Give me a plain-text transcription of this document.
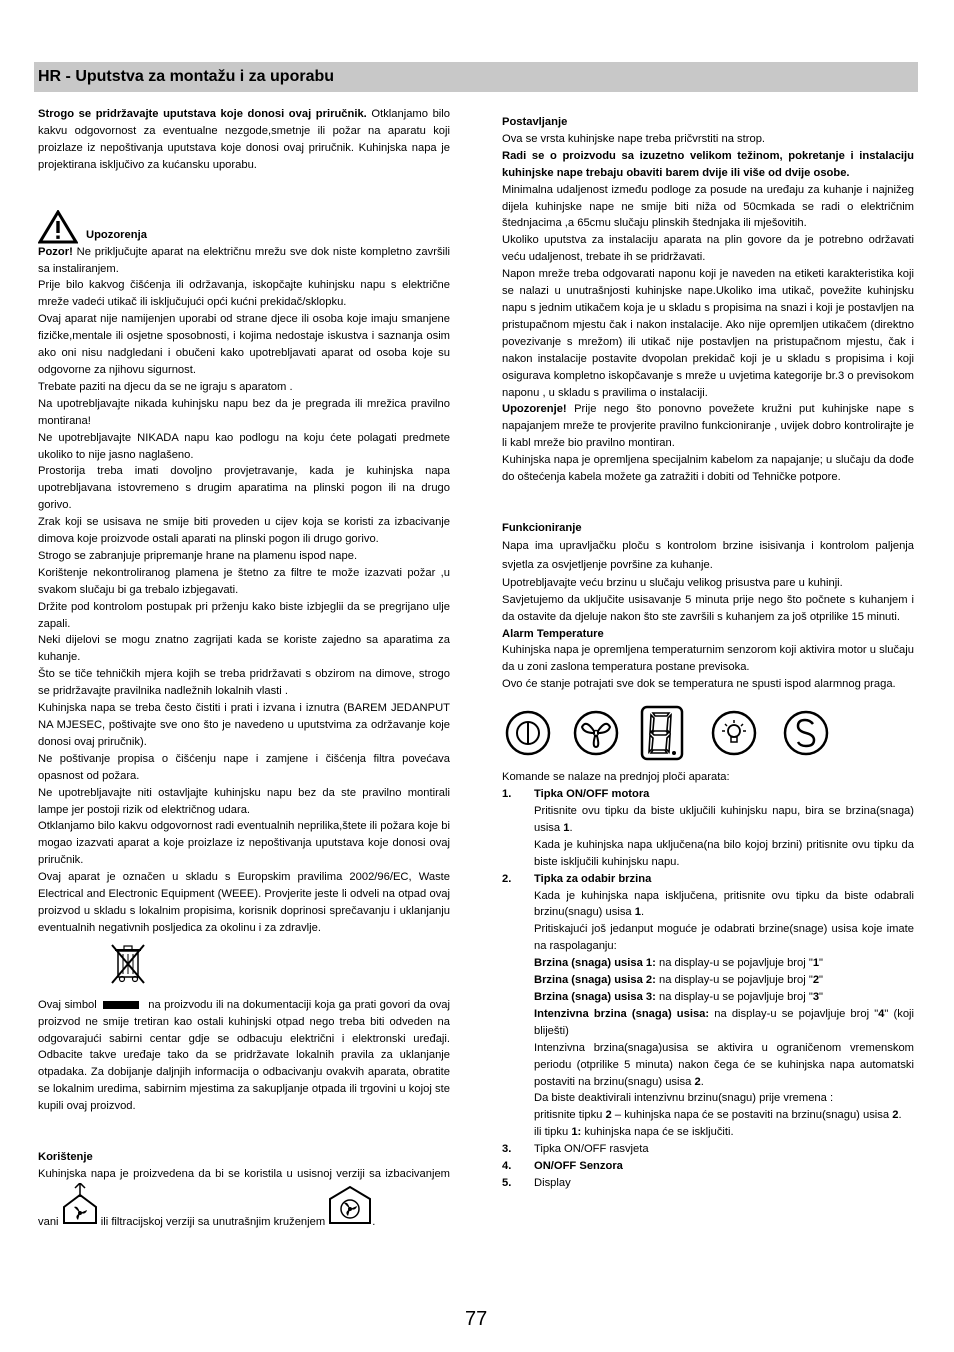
HR - Uputstva za montažu i za uporabu

Strogo se pridržavajte uputstava koje donosi ovaj priručnik. Otklanjamo bilo kakvu odgovornost za eventualne nezgode,smetnje ili požar na aparatu koji proizlaze iz nepoštivanja uputstava koje donosi ovaj priručnik. Kuhinjska napa je projektirana isključivo za kućansku uporabu.

Upozorenja

Pozor! Ne priključujte aparat na električnu mrežu sve dok niste kompletno završili sa instaliranjem.

Prije bilo kakvog čišćenja ili održavanja, iskopčajte kuhinjsku napu s električne mreže vadeći utikač ili isključujući opći kućni prekidač/sklopku.

Ovaj aparat nije namijenjen uporabi od strane djece ili osoba koje imaju smanjene fizičke,mentale ili osjetne sposobnosti, i kojima nedostaje iskustva i saznanja osim ako oni nisu nadgledani i obučeni kako upotrebljavati aparat od osoba koje su odgovorne za njihovu sigurnost.

Trebate paziti na djecu da se ne igraju s aparatom .

Na upotrebljavajte nikada kuhinjsku napu bez da je pregrada ili mrežica pravilno montirana!

Ne upotrebljavajte NIKADA napu kao podlogu na koju ćete polagati predmete ukoliko to nije jasno naglašeno.

Prostorija treba imati dovoljno provjetravanje, kada je kuhinjska napa upotrebljavana istovremeno s drugim aparatima na plinski pogon ili na drugo gorivo.

Zrak koji se usisava ne smije biti proveden u cijev koja se koristi za izbacivanje dimova koje proizvode ostali aparati na plinski pogon ili drugo gorivo.

Strogo se zabranjuje pripremanje hrane na plamenu ispod nape.

Korištenje nekontroliranog plamena je štetno za filtre te može izazvati požar ,u svakom slučaju bi ga trebalo izbjegavati.

Držite pod kontrolom postupak pri prženju kako biste izbjeglii da se pregrijano ulje zapali.

Neki dijelovi se mogu znatno zagrijati kada se koriste zajedno sa aparatima za kuhanje.

Što se tiče tehničkih mjera kojih se treba pridržavati s obzirom na dimove, strogo se pridržavajte pravilnika nadležnih lokalnih vlasti .

Kuhinjska napa se treba često čistiti i prati i izvana i iznutra (BAREM JEDANPUT NA MJESEC, poštivajte sve ono što je navedeno u uputstvima za održavanje koje donosi ovaj priručnik).

Ne poštivanje propisa o čišćenju nape i zamjene i čišćenja filtra povećava opasnost od požara.

Ne upotrebljavajte niti ostavljajte kuhinjsku napu bez da ste pravilno montirali lampe jer postoji rizik od električnog udara.

Otklanjamo bilo kakvu odgovornost radi eventualnih neprilika,štete ili požara koje bi mogao izazvati aparat a koje proizlaze iz nepoštivanja uputstava koje donosi ovaj priručnik.

Ovaj aparat je označen u skladu s Europskim pravilima 2002/96/EC, Waste Electrical and Electronic Equipment (WEEE). Provjerite jeste li odveli na otpad ovaj proizvod u skladu s lokalnim propisima, korisnik doprinosi sprečavanju i uklanjanju eventualnih negativnih posljedica za okolinu i za zdravlje.

Ovaj simbol	na proizvodu ili na dokumentaciji koja ga prati govori da ovaj proizvod ne smije tretiran kao ostali kuhinjski otpad nego treba biti odveden na odgovarajući sabirni centar gdje se odbacuju električni i elektronski uređaji. Odbacite takve uređaje tako da se pridržavate lokalnih pravila za uklanjanje otpadaka. Za dobijanje daljnjih informacija o odbacivanju ovakvih aparata, obratite se lokalnim uredima, sabirnim mjestima za sakupljanje otpada ili trgovini u kojoj ste kupili ovaj proizvod.

Korištenje

Kuhinjska napa je proizvedena da bi se koristila u usisnoj verziji sa izbacivanjem vani	ili filtracijskoj verziji sa unutrašnjim kruženjem	.

Postavljanje

Ova se vrsta kuhinjske nape treba pričvrstiti na strop.

Radi se o proizvodu sa izuzetno velikom težinom, pokretanje i instalaciju kuhinjske nape trebaju obaviti barem dvije ili više od dvije osobe.

Minimalna udaljenost između podloge za posude na uređaju za kuhanje i najnižeg dijela kuhinjske nape ne smije biti niža od 50cmkada se radi o električnim štednjacima ,a 65cmu slučaju plinskih štednjaka ili mješovitih.

Ukoliko uputstva za instalaciju aparata na plin govore da je potrebno održavati veću udaljenost, trebate ih se pridržavati.

Napon mreže treba odgovarati naponu koji je naveden na etiketi karakteristika koji se nalazi u unutrašnjosti kuhinjske nape.Ukoliko ima utikač, povežite kuhinjsku napu s jednim utikačem koja je u skladu s propisima na snazi i koji je postavljen na pristupačnom mjestu čak i nakon instalacije. Ako nije opremljen utikačem (direktno povezivanje s mrežom) ili utikač nije postavljen na pristupačnom mjestu, čak i nakon instalacije postavite dvopolan prekidač koji je u skladu s propisima i koji osigurava kompletno iskopčavanje s mreže u uvjetima kategorije br.3 o previsokom naponu , u skladu s pravilima o instalaciji.

Upozorenje! Prije nego što ponovno povežete kružni put kuhinjske nape s napajanjem mreže te provjerite pravilno funkcioniranje , uvijek dobro kontrolirajte je li kabl mreže bio pravilno montiran.

Kuhinjska napa je opremljena specijalnim kabelom za napajanje; u slučaju da dođe do oštećenja kabela možete ga zatražiti i dobiti od Tehničke potpore.

Funkcioniranje

Napa ima upravljačku ploču s kontrolom brzine isisivanja i kontrolom paljenja svjetla za osvjetljenje površine za kuhanje.

Upotrebljavajte veću brzinu u slučaju velikog prisustva pare u kuhinji.

Savjetujemo da uključite usisavanje 5 minuta prije nego što počnete s kuhanjem i da ostavite da djeluje nakon što ste završili s kuhanjem za još otprilike 15 minuti.

Alarm Temperature

Kuhinjska napa je opremljena temperaturnim senzorom koji aktivira motor u slučaju da u zoni zaslona temperatura postane previsoka.

Ovo će stanje potrajati sve dok se temperatura ne spusti ispod alarmnog praga.

Komande se nalaze na prednjoj ploči aparata:

1. Tipka ON/OFF motora

Pritisnite ovu tipku da biste uključili kuhinjsku napu, bira se brzina(snaga) usisa 1.

Kada je kuhinjska napa uključena(na bilo kojoj brzini) pritisnite ovu tipku da biste isključili kuhinjsku napu.

2. Tipka za odabir brzina

Kada je kuhinjska napa isključena, pritisnite ovu tipku da biste odabrali brzinu(snagu) usisa 1.

Pritiskajući jоš jedanput moguće je odabrati brzine(snage) usisa koje imate na raspolaganju:

Brzina (snaga) usisa 1: na display-u se pojavljuje broj "1"

Brzina (snaga) usisa 2: na display-u se pojavljuje broj "2"

Brzina (snaga) usisa 3: na display-u se pojavljuje broj "3"

Intenzivna brzina (snaga) usisa: na display-u se pojavljuje broj "4" (koji bliješti)

Intenzivna brzina(snaga)usisa se aktivira u ograničenom vremenskom periodu (otprilike 5 minuta) nakon čega će se kuhinjska napa automatski postaviti na brzinu(snagu) usisa 2.

Da biste deaktivirali intenzivnu brzinu(snagu) prije vremena :

pritisnite tipku 2 – kuhinjska napa će se postaviti na brzinu(snagu) usisa 2.

ili tipku 1: kuhinjska napa će se isključiti.

3. Tipka ON/OFF rasvjeta

4. ON/OFF Senzora

5. Display

77
